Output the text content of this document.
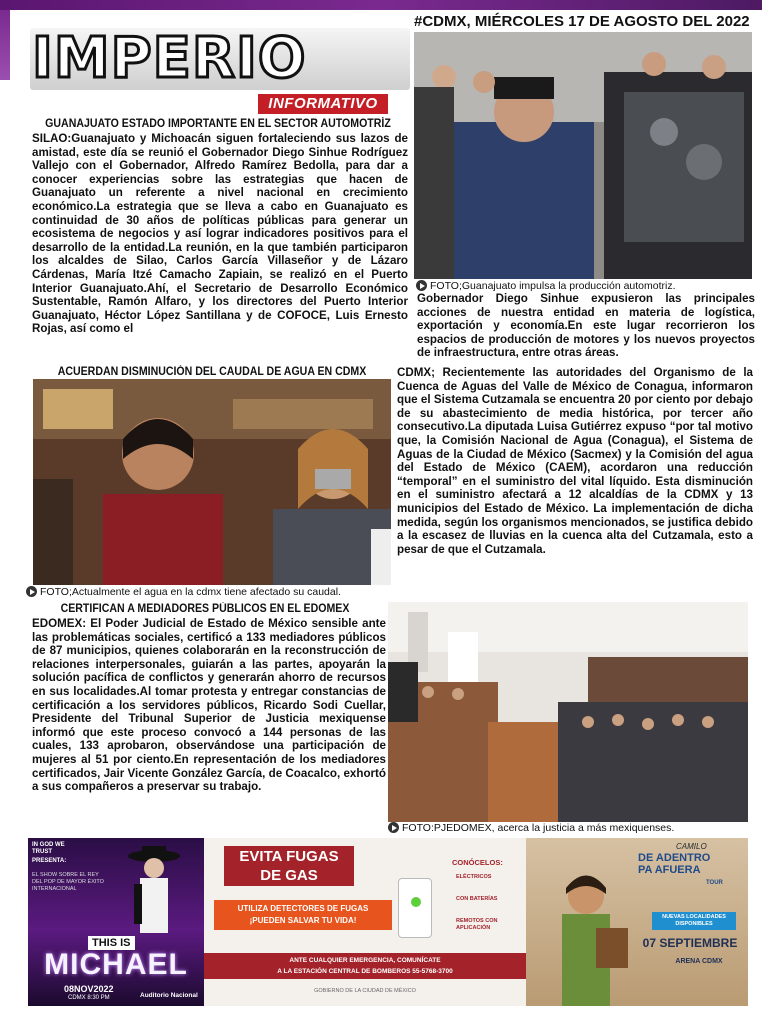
IMPERIO
INFORMATIVO
#CDMX, MIÉRCOLES 17 DE AGOSTO DEL 2022
GUANAJUATO ESTADO IMPORTANTE EN EL SECTOR AUTOMOTRÍZ
SILAO:Guanajuato y Michoacán siguen fortaleciendo sus lazos de amistad, este día se reunió el Gobernador Diego Sinhue Rodríguez Vallejo con el Gobernador, Alfredo Ramírez Bedolla, para dar a conocer experiencias sobre las estrategias que hacen de Guanajuato un referente a nivel nacional en crecimiento económico.La estrategia que se lleva a cabo en Guanajuato es continuidad de 30 años de políticas públicas para generar un ecosistema de negocios y así lograr indicadores positivos para el desarrollo de la entidad.La reunión, en la que también participaron los alcaldes de Silao, Carlos García Villaseñor y de Lázaro Cárdenas, María Itzé Camacho Zapiain, se realizó en el Puerto Interior Guanajuato.Ahí, el Secretario de Desarrollo Económico Sustentable, Ramón Alfaro, y los directores del Puerto Interior Guanajuato, Héctor López Santillana y de COFOCE, Luis Ernesto Rojas, así como el
FOTO;Guanajuato impulsa la producción automotriz.
Gobernador Diego Sinhue expusieron las principales acciones de nuestra entidad en materia de logística, exportación y economía.En este lugar recorrieron los espacios de producción de motores y los nuevos proyectos de infraestructura, entre otras áreas.
ACUERDAN DISMINUCIÓN DEL CAUDAL DE AGUA EN CDMX
FOTO;Actualmente el agua en la cdmx tiene afectado su caudal.
CDMX; Recientemente las autoridades del Organismo de la Cuenca de Aguas del Valle de México de Conagua, informaron que el Sistema Cutzamala se encuentra 20 por ciento por debajo de su abastecimiento de media histórica, por tercer año consecutivo.La diputada Luisa Gutiérrez expuso “por tal motivo que, la Comisión Nacional de Agua (Conagua), el Sistema de Aguas de la Ciudad de México (Sacmex) y la Comisión del agua del Estado de México (CAEM), acordaron una reducción “temporal” en el suministro del vital líquido. Esta disminución en el suministro afectará a 12 alcaldías de la CDMX y 13 municipios del Estado de México. La implementación de dicha medida, según los organismos mencionados, se justifica debido a la escasez de lluvias en la cuenca alta del Cutzamala, esto a pesar de que el Cutzamala.
CERTIFICAN A MEDIADORES PÚBLICOS EN EL EDOMEX
EDOMEX: El Poder Judicial de Estado de México sensible ante las problemáticas sociales, certificó a 133 mediadores públicos de 87 municipios, quienes colaborarán en la reconstrucción de relaciones interpersonales, guiarán a las partes, apoyarán la solución pacífica de conflictos y generarán ahorro de recursos en sus localidades.Al tomar protesta y entregar constancias de certificación a los servidores públicos, Ricardo Sodi Cuellar, Presidente del Tribunal Superior de Justicia mexiquense informó que este proceso convocó a 144 personas de las cuales, 133 aprobaron, observándose una participación de mujeres al 51 por ciento.En representación de los mediadores certificados, Jair Vicente González García, de Coacalco, exhortó a sus compañeros a preservar su trabajo.
FOTO:PJEDOMEX, acerca la justicia a más mexiquenses.
IN GOD WE TRUST
PRESENTA:
EL SHOW SOBRE EL REY DEL POP DE MAYOR ÉXITO INTERNACIONAL
THIS IS
MICHAEL
08NOV2022
CDMX 8:30 PM	Auditorio Nacional
EVITA FUGAS
DE GAS
UTILIZA DETECTORES DE FUGAS
¡PUEDEN SALVAR TU VIDA!
CONÓCELOS:
ELÉCTRICOS
CON BATERÍAS
REMOTOS CON APLICACIÓN
ANTE CUALQUIER EMERGENCIA, COMUNÍCATE
A LA ESTACIÓN CENTRAL DE BOMBEROS 55-5768-3700
GOBIERNO DE LA CIUDAD DE MÉXICO
CAMILO
DE ADENTRO
PA AFUERA
TOUR
NUEVAS LOCALIDADES DISPONIBLES
07 SEPTIEMBRE
ARENA CDMX
